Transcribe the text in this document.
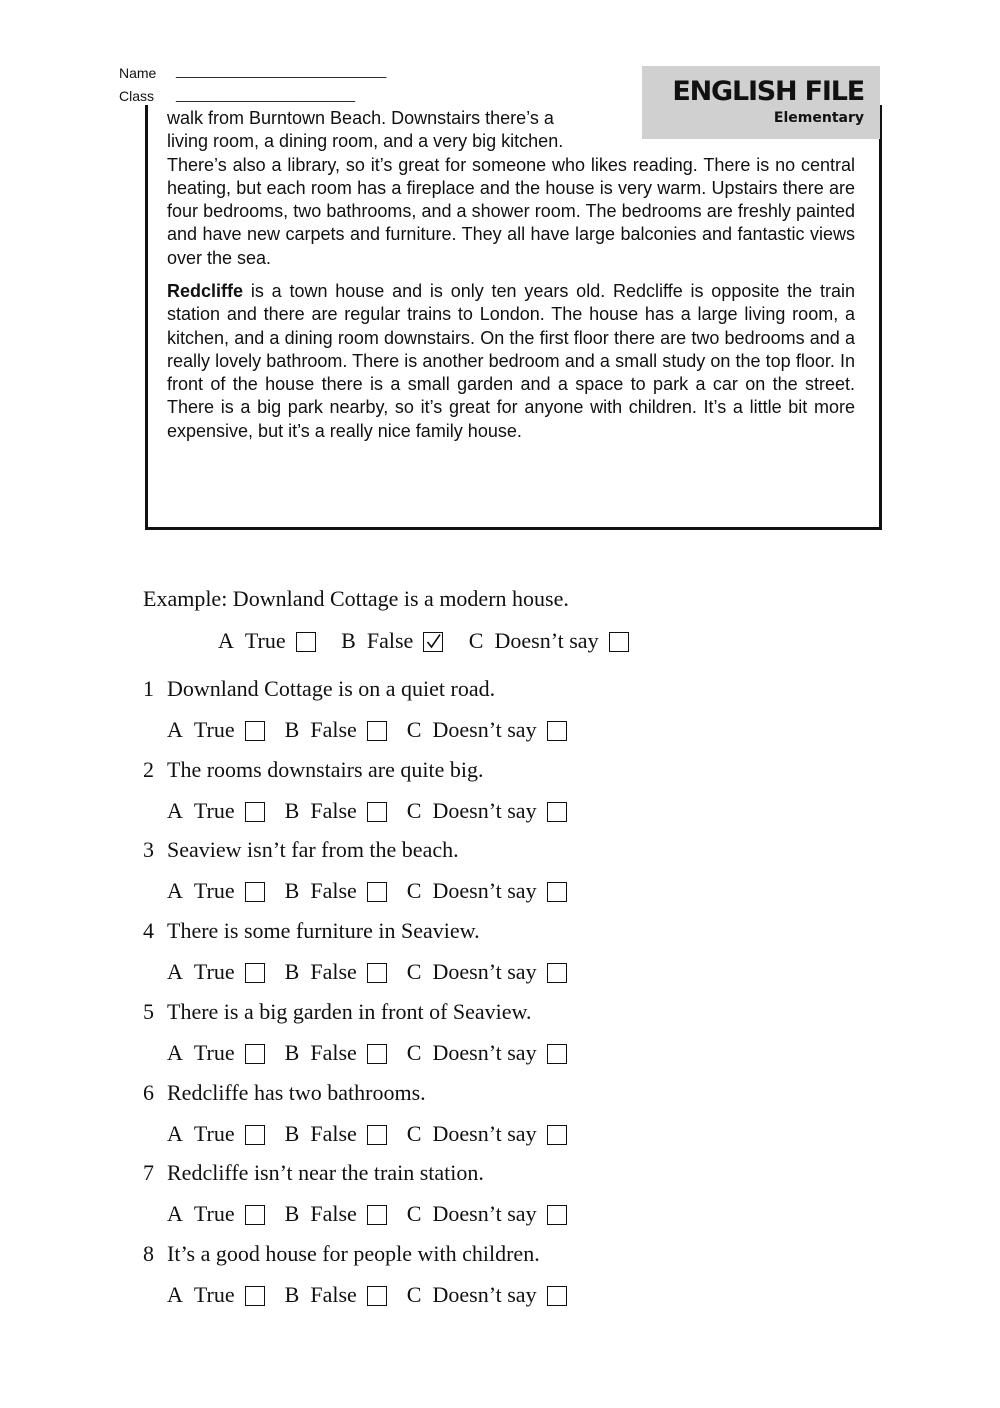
Name ___________________________
Class _______________________	ENGLISH FILE
Elementary

walk from Burntown Beach. Downstairs there’s a
living room, a dining room, and a very big kitchen.
There’s also a library, so it’s great for someone who likes reading. There is no central heating, but each room has a fireplace and the house is very warm. Upstairs there are four bedrooms, two bathrooms, and a shower room. The bedrooms are freshly painted and have new carpets and furniture. They all have large balconies and fantastic views over the sea.

Redcliffe is a town house and is only ten years old. Redcliffe is opposite the train station and there are regular trains to London. The house has a large living room, a kitchen, and a dining room downstairs. On the first floor there are two bedrooms and a really lovely bathroom. There is another bedroom and a small study on the top floor. In front of the house there is a small garden and a space to park a car on the street. There is a big park nearby, so it’s great for anyone with children. It’s a little bit more expensive, but it’s a really nice family house.

Example: Downland Cottage is a modern house.
A True
	B False
	C Doesn’t say
1 Downland Cottage is on a quiet road.
A True B False C Doesn’t say
2 The rooms downstairs are quite big.
A True B False C Doesn’t say
3 Seaview isn’t far from the beach.
A True B False C Doesn’t say
4 There is some furniture in Seaview.
A True B False C Doesn’t say
5 There is a big garden in front of Seaview.
A True B False C Doesn’t say
6 Redcliffe has two bathrooms.
A True B False C Doesn’t say
7 Redcliffe isn’t near the train station.
A True B False C Doesn’t say
8 It’s a good house for people with children.
A True B False C Doesn’t say
